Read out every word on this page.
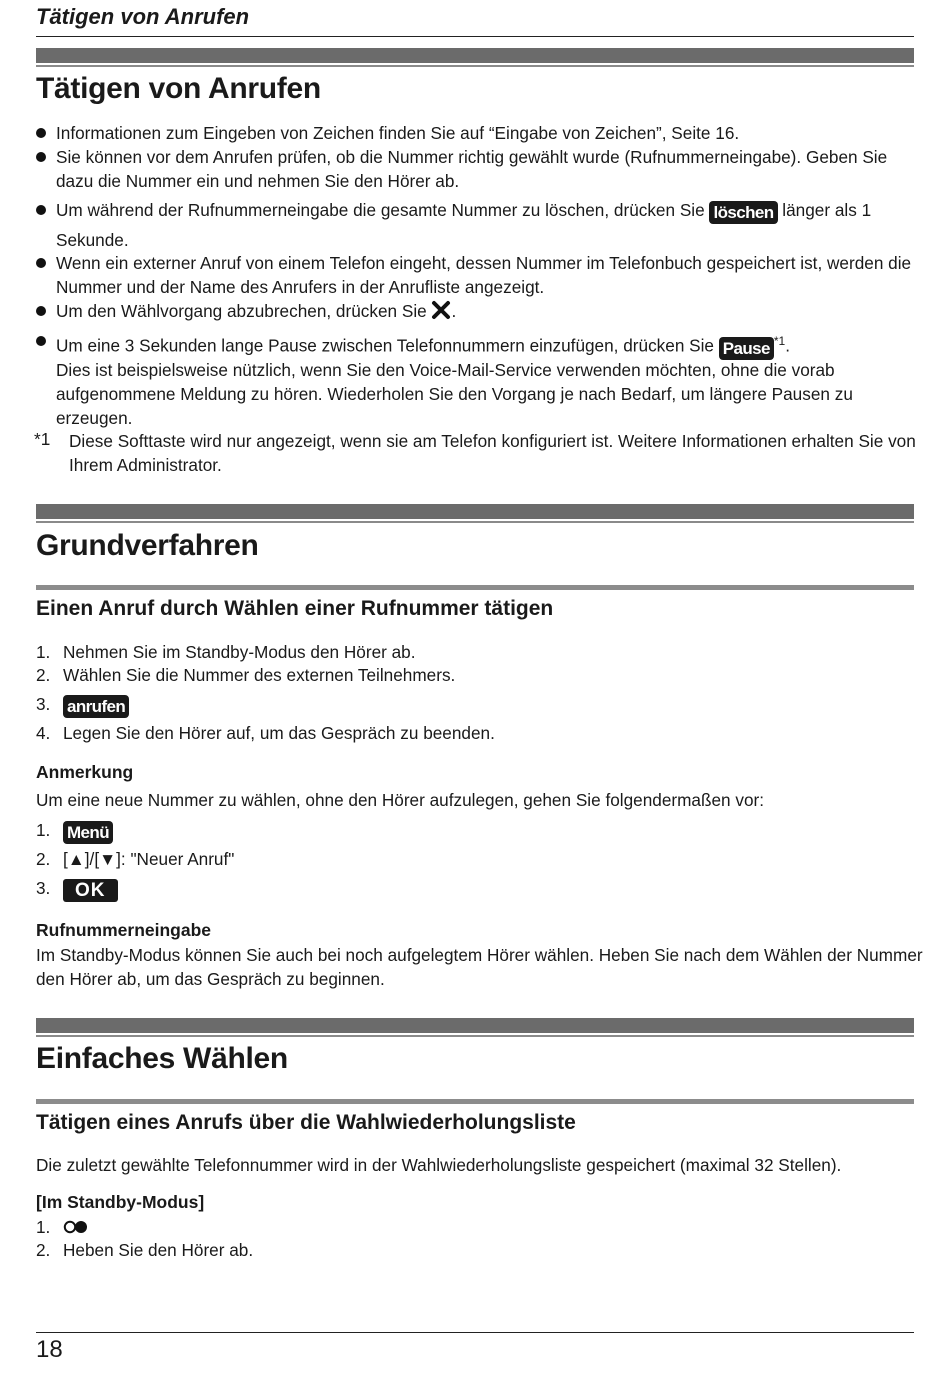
Tätigen von Anrufen
Tätigen von Anrufen
Informationen zum Eingeben von Zeichen finden Sie auf “Eingabe von Zeichen”, Seite 16.
Sie können vor dem Anrufen prüfen, ob die Nummer richtig gewählt wurde (Rufnummerneingabe). Geben Sie
dazu die Nummer ein und nehmen Sie den Hörer ab.
Um während der Rufnummerneingabe die gesamte Nummer zu löschen, drücken Sie löschen länger als 1
Sekunde.
Wenn ein externer Anruf von einem Telefon eingeht, dessen Nummer im Telefonbuch gespeichert ist, werden die
Nummer und der Name des Anrufers in der Anrufliste angezeigt.
Um den Wählvorgang abzubrechen, drücken Sie .
Um eine 3 Sekunden lange Pause zwischen Telefonnummern einzufügen, drücken Sie Pause $^{*1}$.
Dies ist beispielsweise nützlich, wenn Sie den Voice-Mail-Service verwenden möchten, ohne die vorab
aufgenommene Meldung zu hören. Wiederholen Sie den Vorgang je nach Bedarf, um längere Pausen zu
erzeugen.
*1 Diese Softtaste wird nur angezeigt, wenn sie am Telefon konfiguriert ist. Weitere Informationen erhalten Sie von
Ihrem Administrator.
Grundverfahren
Einen Anruf durch Wählen einer Rufnummer tätigen
1. Nehmen Sie im Standby-Modus den Hörer ab.
2. Wählen Sie die Nummer des externen Teilnehmers.
3. anrufen
4. Legen Sie den Hörer auf, um das Gespräch zu beenden.
Anmerkung
Um eine neue Nummer zu wählen, ohne den Hörer aufzulegen, gehen Sie folgendermaßen vor:
1. Menü
2. [▲]/[▼]: "Neuer Anruf"
3.	OK
Rufnummerneingabe
Im Standby-Modus können Sie auch bei noch aufgelegtem Hörer wählen. Heben Sie nach dem Wählen der Nummer
den Hörer ab, um das Gespräch zu beginnen.
Einfaches Wählen
Tätigen eines Anrufs über die Wahlwiederholungsliste
Die zuletzt gewählte Telefonnummer wird in der Wahlwiederholungsliste gespeichert (maximal 32 Stellen).
[Im Standby-Modus]
1.
2. Heben Sie den Hörer ab.
18
